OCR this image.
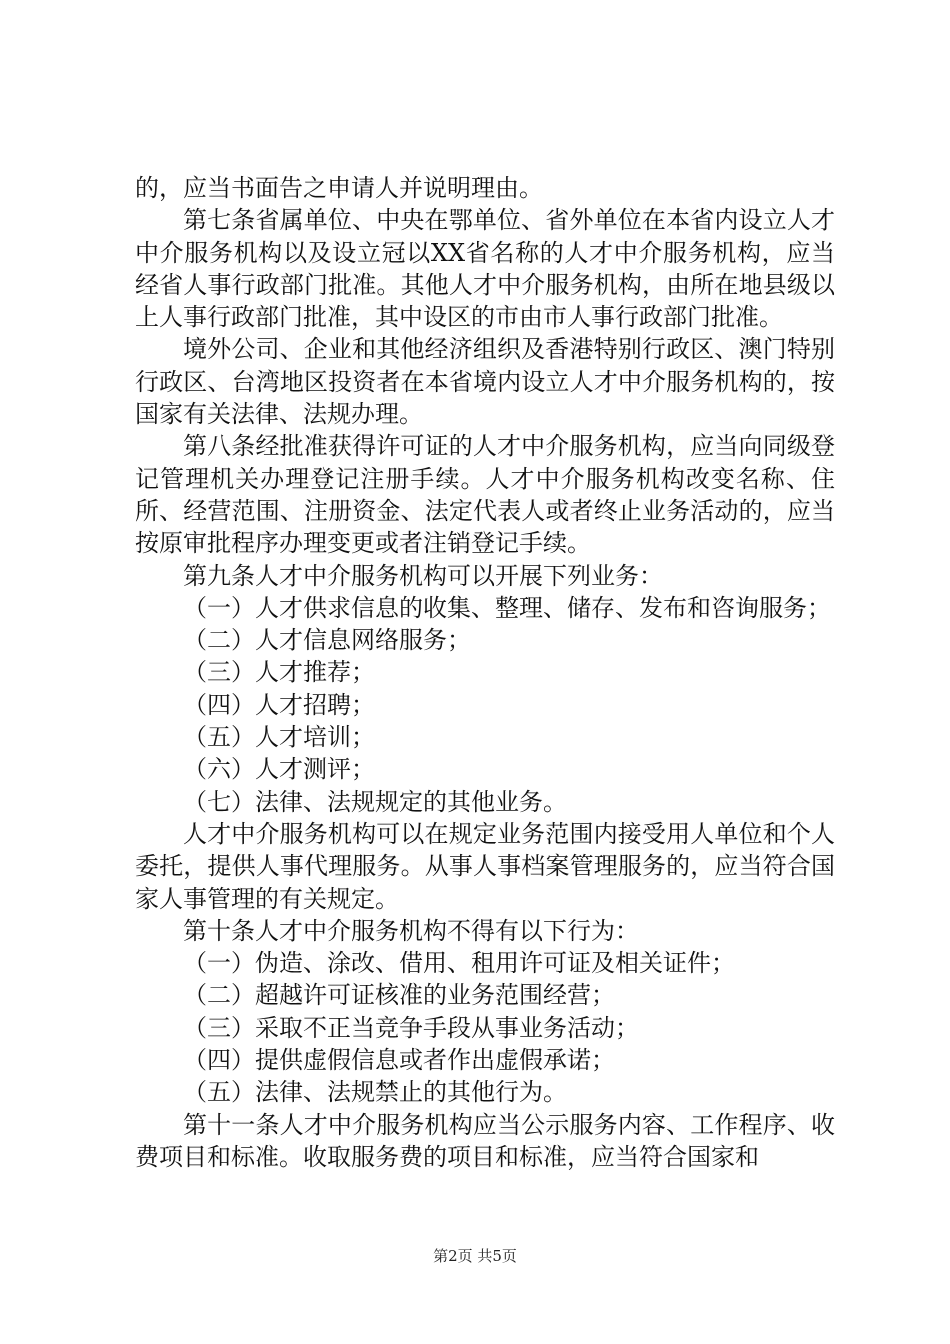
的，应当书面告之申请人并说明理由。

第七条省属单位、中央在鄂单位、省外单位在本省内设立人才中介服务机构以及设立冠以XX省名称的人才中介服务机构，应当经省人事行政部门批准。其他人才中介服务机构，由所在地县级以上人事行政部门批准，其中设区的市由市人事行政部门批准。

境外公司、企业和其他经济组织及香港特别行政区、澳门特别行政区、台湾地区投资者在本省境内设立人才中介服务机构的，按国家有关法律、法规办理。

第八条经批准获得许可证的人才中介服务机构，应当向同级登记管理机关办理登记注册手续。人才中介服务机构改变名称、住所、经营范围、注册资金、法定代表人或者终止业务活动的，应当按原审批程序办理变更或者注销登记手续。

第九条人才中介服务机构可以开展下列业务：

（一）人才供求信息的收集、整理、储存、发布和咨询服务；

（二）人才信息网络服务；

（三）人才推荐；

（四）人才招聘；

（五）人才培训；

（六）人才测评；

（七）法律、法规规定的其他业务。

人才中介服务机构可以在规定业务范围内接受用人单位和个人委托，提供人事代理服务。从事人事档案管理服务的，应当符合国家人事管理的有关规定。

第十条人才中介服务机构不得有以下行为：

（一）伪造、涂改、借用、租用许可证及相关证件；

（二）超越许可证核准的业务范围经营；

（三）采取不正当竞争手段从事业务活动；

（四）提供虚假信息或者作出虚假承诺；

（五）法律、法规禁止的其他行为。

第十一条人才中介服务机构应当公示服务内容、工作程序、收费项目和标准。收取服务费的项目和标准，应当符合国家和

第2页 共5页
